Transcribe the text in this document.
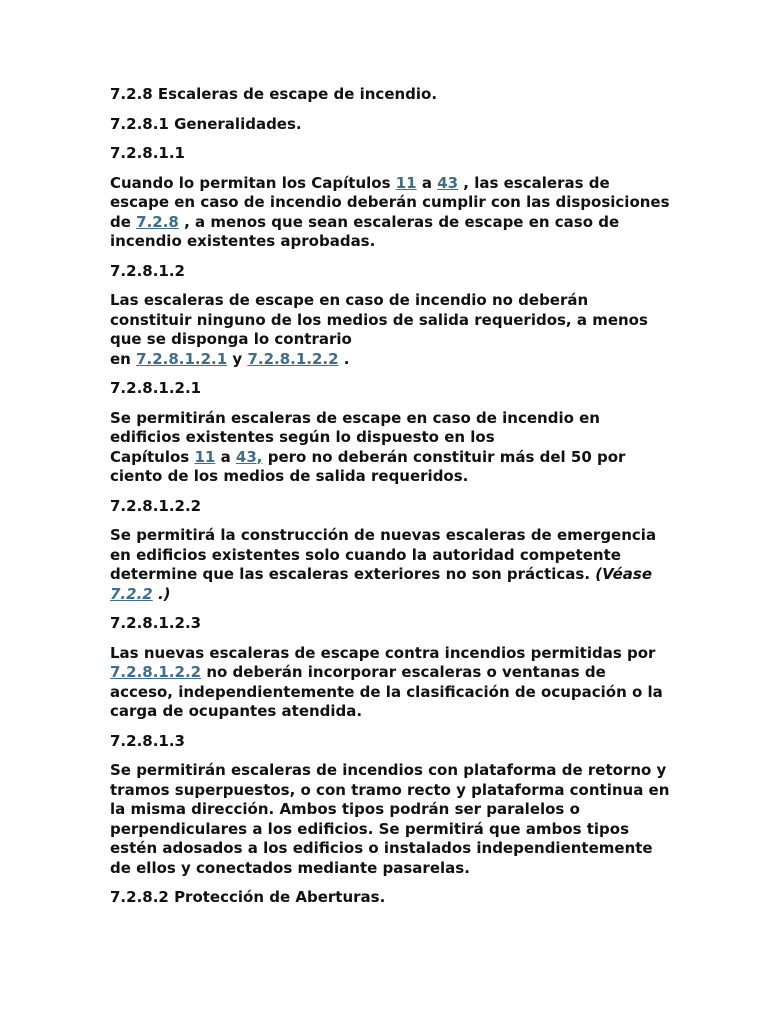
7.2.8 Escaleras de escape de incendio.

7.2.8.1 Generalidades.

7.2.8.1.1

Cuando lo permitan los Capítulos 11 a 43 , las escaleras de escape en caso de incendio deberán cumplir con las disposiciones de 7.2.8 , a menos que sean escaleras de escape en caso de incendio existentes aprobadas.

7.2.8.1.2

Las escaleras de escape en caso de incendio no deberán constituir ninguno de los medios de salida requeridos, a menos que se disponga lo contrario
en 7.2.8.1.2.1 y 7.2.8.1.2.2 .

7.2.8.1.2.1

Se permitirán escaleras de escape en caso de incendio en edificios existentes según lo dispuesto en los
Capítulos 11 a 43, pero no deberán constituir más del 50 por ciento de los medios de salida requeridos.

7.2.8.1.2.2

Se permitirá la construcción de nuevas escaleras de emergencia en edificios existentes solo cuando la autoridad competente determine que las escaleras exteriores no son prácticas. (Véase 7.2.2 .)

7.2.8.1.2.3

Las nuevas escaleras de escape contra incendios permitidas por 7.2.8.1.2.2 no deberán incorporar escaleras o ventanas de acceso, independientemente de la clasificación de ocupación o la carga de ocupantes atendida.

7.2.8.1.3

Se permitirán escaleras de incendios con plataforma de retorno y tramos superpuestos, o con tramo recto y plataforma continua en la misma dirección. Ambos tipos podrán ser paralelos o perpendiculares a los edificios. Se permitirá que ambos tipos estén adosados a los edificios o instalados independientemente de ellos y conectados mediante pasarelas.

7.2.8.2 Protección de Aberturas.
